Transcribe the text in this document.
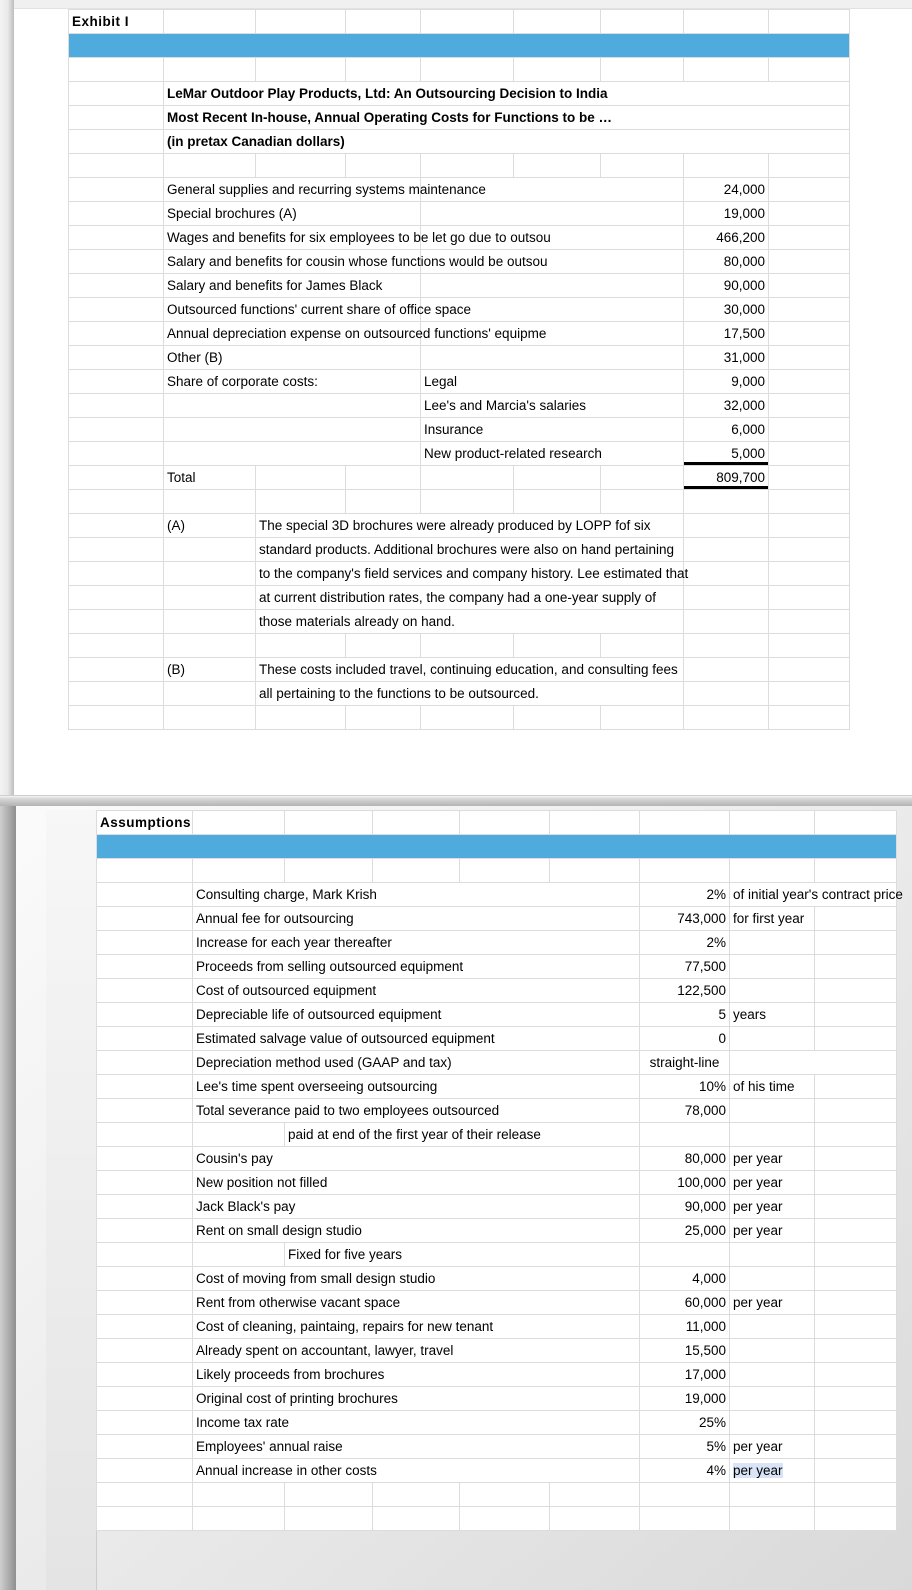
Exhibit I								

	LeMar Outdoor Play Products, Ltd: An Outsourcing Decision to India							
	Most Recent In-house, Annual Operating Costs for Functions to be …							
	(in pretax Canadian dollars)							

	General supplies and recurring systems maintenance						24,000	
	Special brochures (A)						19,000	
	Wages and benefits for six employees to be let go due to outsou						466,200	
	Salary and benefits for cousin whose functions would be outsou						80,000	
	Salary and benefits for James Black						90,000	
	Outsourced functions' current share of office space						30,000	
	Annual depreciation expense on outsourced functions' equipme						17,500	
	Other (B)						31,000	
	Share of corporate costs:			Legal			9,000	
				Lee's and Marcia's salaries			32,000	
				Insurance			6,000	
				New product-related research			5,000	
	Total						809,700	

	(A)	The special 3D brochures were already produced by LOPP fof six						
		standard products. Additional brochures were also on hand pertaining						
		to the company's field services and company history. Lee estimated that						
		at current distribution rates, the company had a one-year supply of						
		those materials already on hand.						

	(B)	These costs included travel, continuing education, and consulting fees						
		all pertaining to the functions to be outsourced.						

Assumptions									

	Consulting charge, Mark Krish					2%	of initial year's contract price		
	Annual fee for outsourcing					743,000	for first year		
	Increase for each year thereafter					2%			
	Proceeds from selling outsourced equipment					77,500			
	Cost of outsourced equipment					122,500			
	Depreciable life of outsourced equipment					5	years		
	Estimated salvage value of outsourced equipment					0			
	Depreciation method used (GAAP and tax)					straight-line			
	Lee's time spent overseeing outsourcing					10%	of his time		
	Total severance paid to two employees outsourced					78,000			
		paid at end of the first year of their release							
	Cousin's pay					80,000	per year		
	New position not filled					100,000	per year		
	Jack Black's pay					90,000	per year		
	Rent on small design studio					25,000	per year		
		Fixed for five years							
	Cost of moving from small design studio					4,000			
	Rent from otherwise vacant space					60,000	per year		
	Cost of cleaning, paintaing, repairs for new tenant					11,000			
	Already spent on accountant, lawyer, travel					15,500			
	Likely proceeds from brochures					17,000			
	Original cost of printing brochures					19,000			
	Income tax rate					25%			
	Employees' annual raise					5%	per year		
	Annual increase in other costs					4%	per year		
